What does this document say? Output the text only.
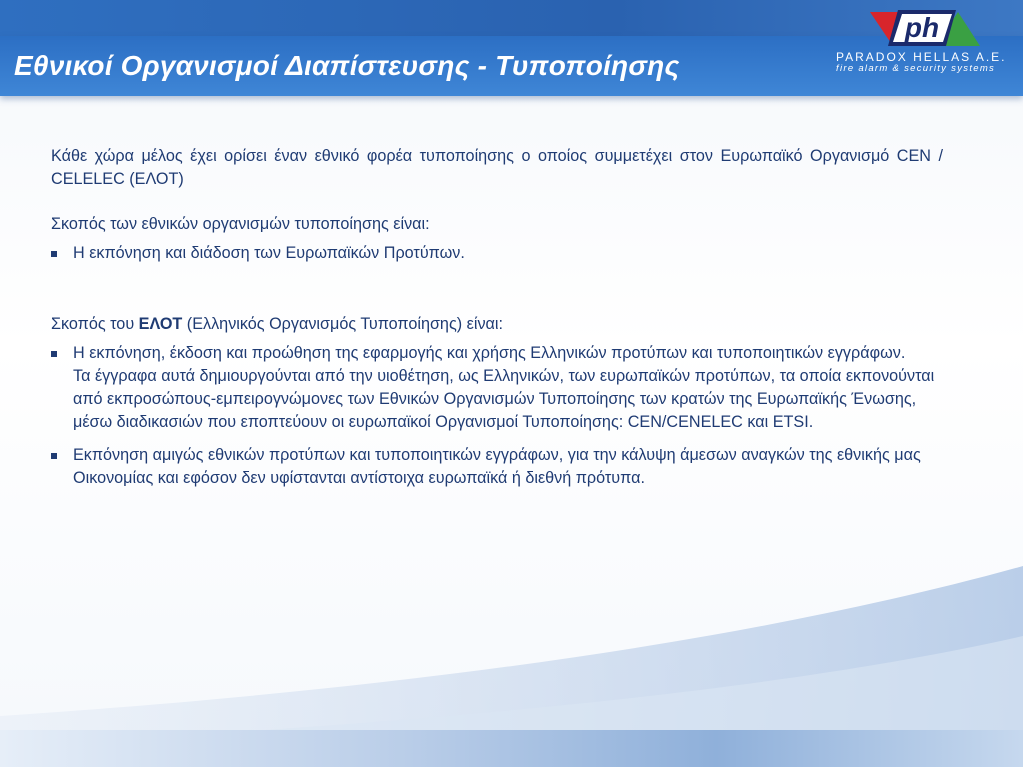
Εθνικοί Οργανισμοί Διαπίστευσης - Τυποποίησης
ph

PARADOX HELLAS A.E.

fire alarm & security systems

Κάθε χώρα μέλος έχει ορίσει έναν εθνικό φορέα τυποποίησης ο οποίος συμμετέχει στον Ευρωπαϊκό Οργανισμό CEN / CELELEC (ΕΛΟΤ)

Σκοπός των εθνικών οργανισμών τυποποίησης είναι:

Η εκπόνηση και διάδοση των Ευρωπαϊκών Προτύπων.

Σκοπός του ΕΛΟΤ (Ελληνικός Οργανισμός Τυποποίησης) είναι:

Η εκπόνηση, έκδοση και προώθηση της εφαρμογής και χρήσης Ελληνικών προτύπων και τυποποιητικών εγγράφων.

Τα έγγραφα αυτά δημιουργούνται από την υιοθέτηση, ως Ελληνικών, των ευρωπαϊκών προτύπων, τα οποία εκπονούνται από εκπροσώπους-εμπειρογνώμονες των Εθνικών Οργανισμών Τυποποίησης των κρατών της Ευρωπαϊκής Ένωσης, μέσω διαδικασιών που εποπτεύουν οι ευρωπαϊκοί Οργανισμοί Τυποποίησης: CEN/CENELEC και ETSI.

Εκπόνηση αμιγώς εθνικών προτύπων και τυποποιητικών εγγράφων, για την κάλυψη άμεσων αναγκών της εθνικής μας Οικονομίας και εφόσον δεν υφίστανται αντίστοιχα ευρωπαϊκά ή διεθνή πρότυπα.
